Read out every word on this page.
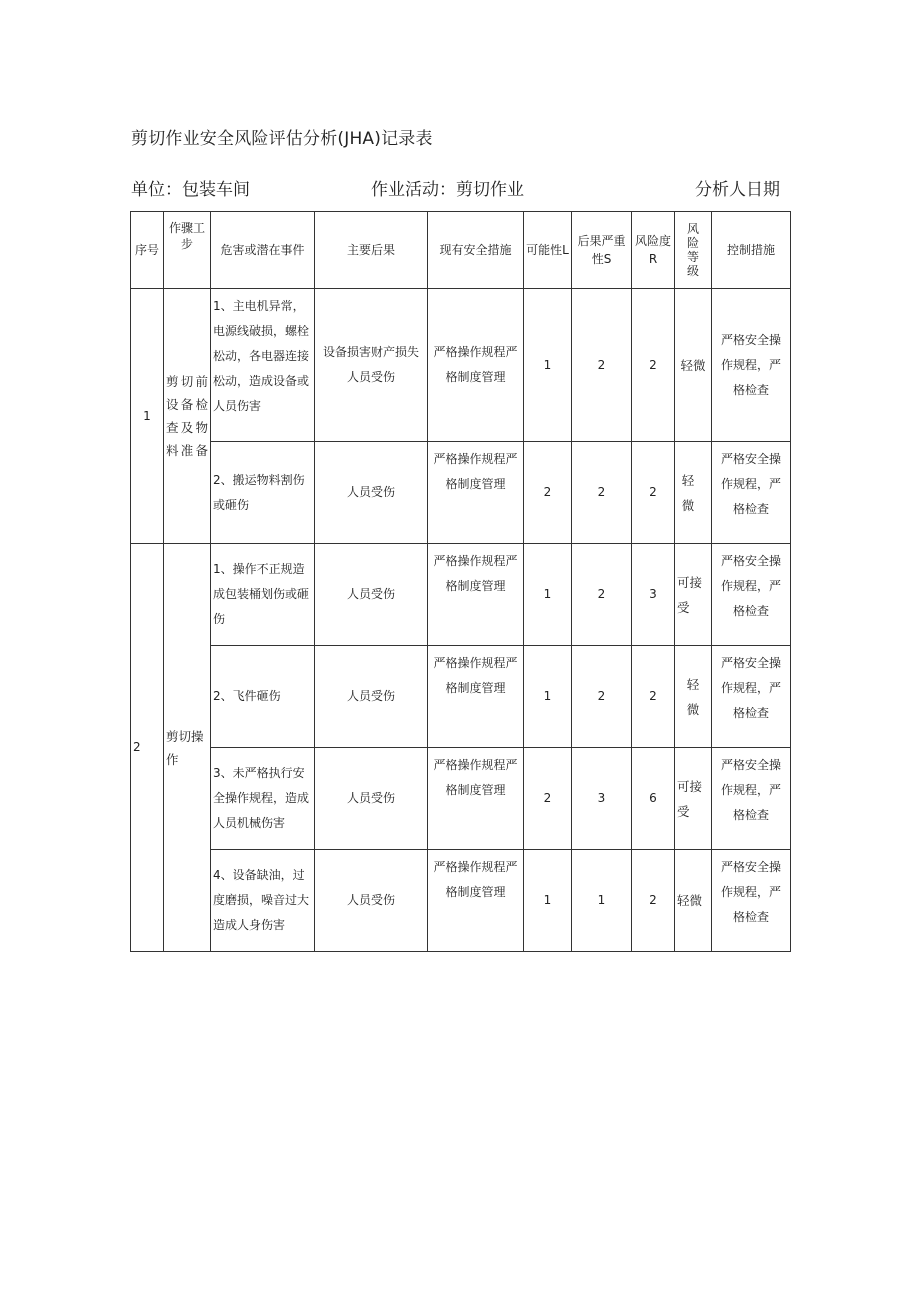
剪切作业安全风险评估分析(JHA)记录表
单位：包装车间	作业活动：剪切作业	分析人日期
序号	作骤工步	危害或潜在事件	主要后果	现有安全措施	可能性L	后果严重性S	风险度R	风险等级	控制措施
1	剪切前设备检查及物料准备	1、主电机异常，电源线破损，螺栓松动，各电器连接松动，造成设备或人员伤害	设备损害财产损失人员受伤	严格操作规程严格制度管理	1	2	2	轻微	严格安全操作规程，严格检查
		2、搬运物料割伤或砸伤	人员受伤	严格操作规程严格制度管理	2	2	2	轻微	严格安全操作规程，严格检查
2	剪切操作	1、操作不正规造成包装桶划伤或砸伤	人员受伤	严格操作规程严格制度管理	1	2	3	可接受	严格安全操作规程，严格检查
		2、飞件砸伤	人员受伤	严格操作规程严格制度管理	1	2	2	轻微	严格安全操作规程，严格检查
		3、未严格执行安全操作规程，造成人员机械伤害	人员受伤	严格操作规程严格制度管理	2	3	6	可接受	严格安全操作规程，严格检查
		4、设备缺油，过度磨损，噪音过大造成人身伤害	人员受伤	严格操作规程严格制度管理	1	1	2	轻微	严格安全操作规程，严格检查
